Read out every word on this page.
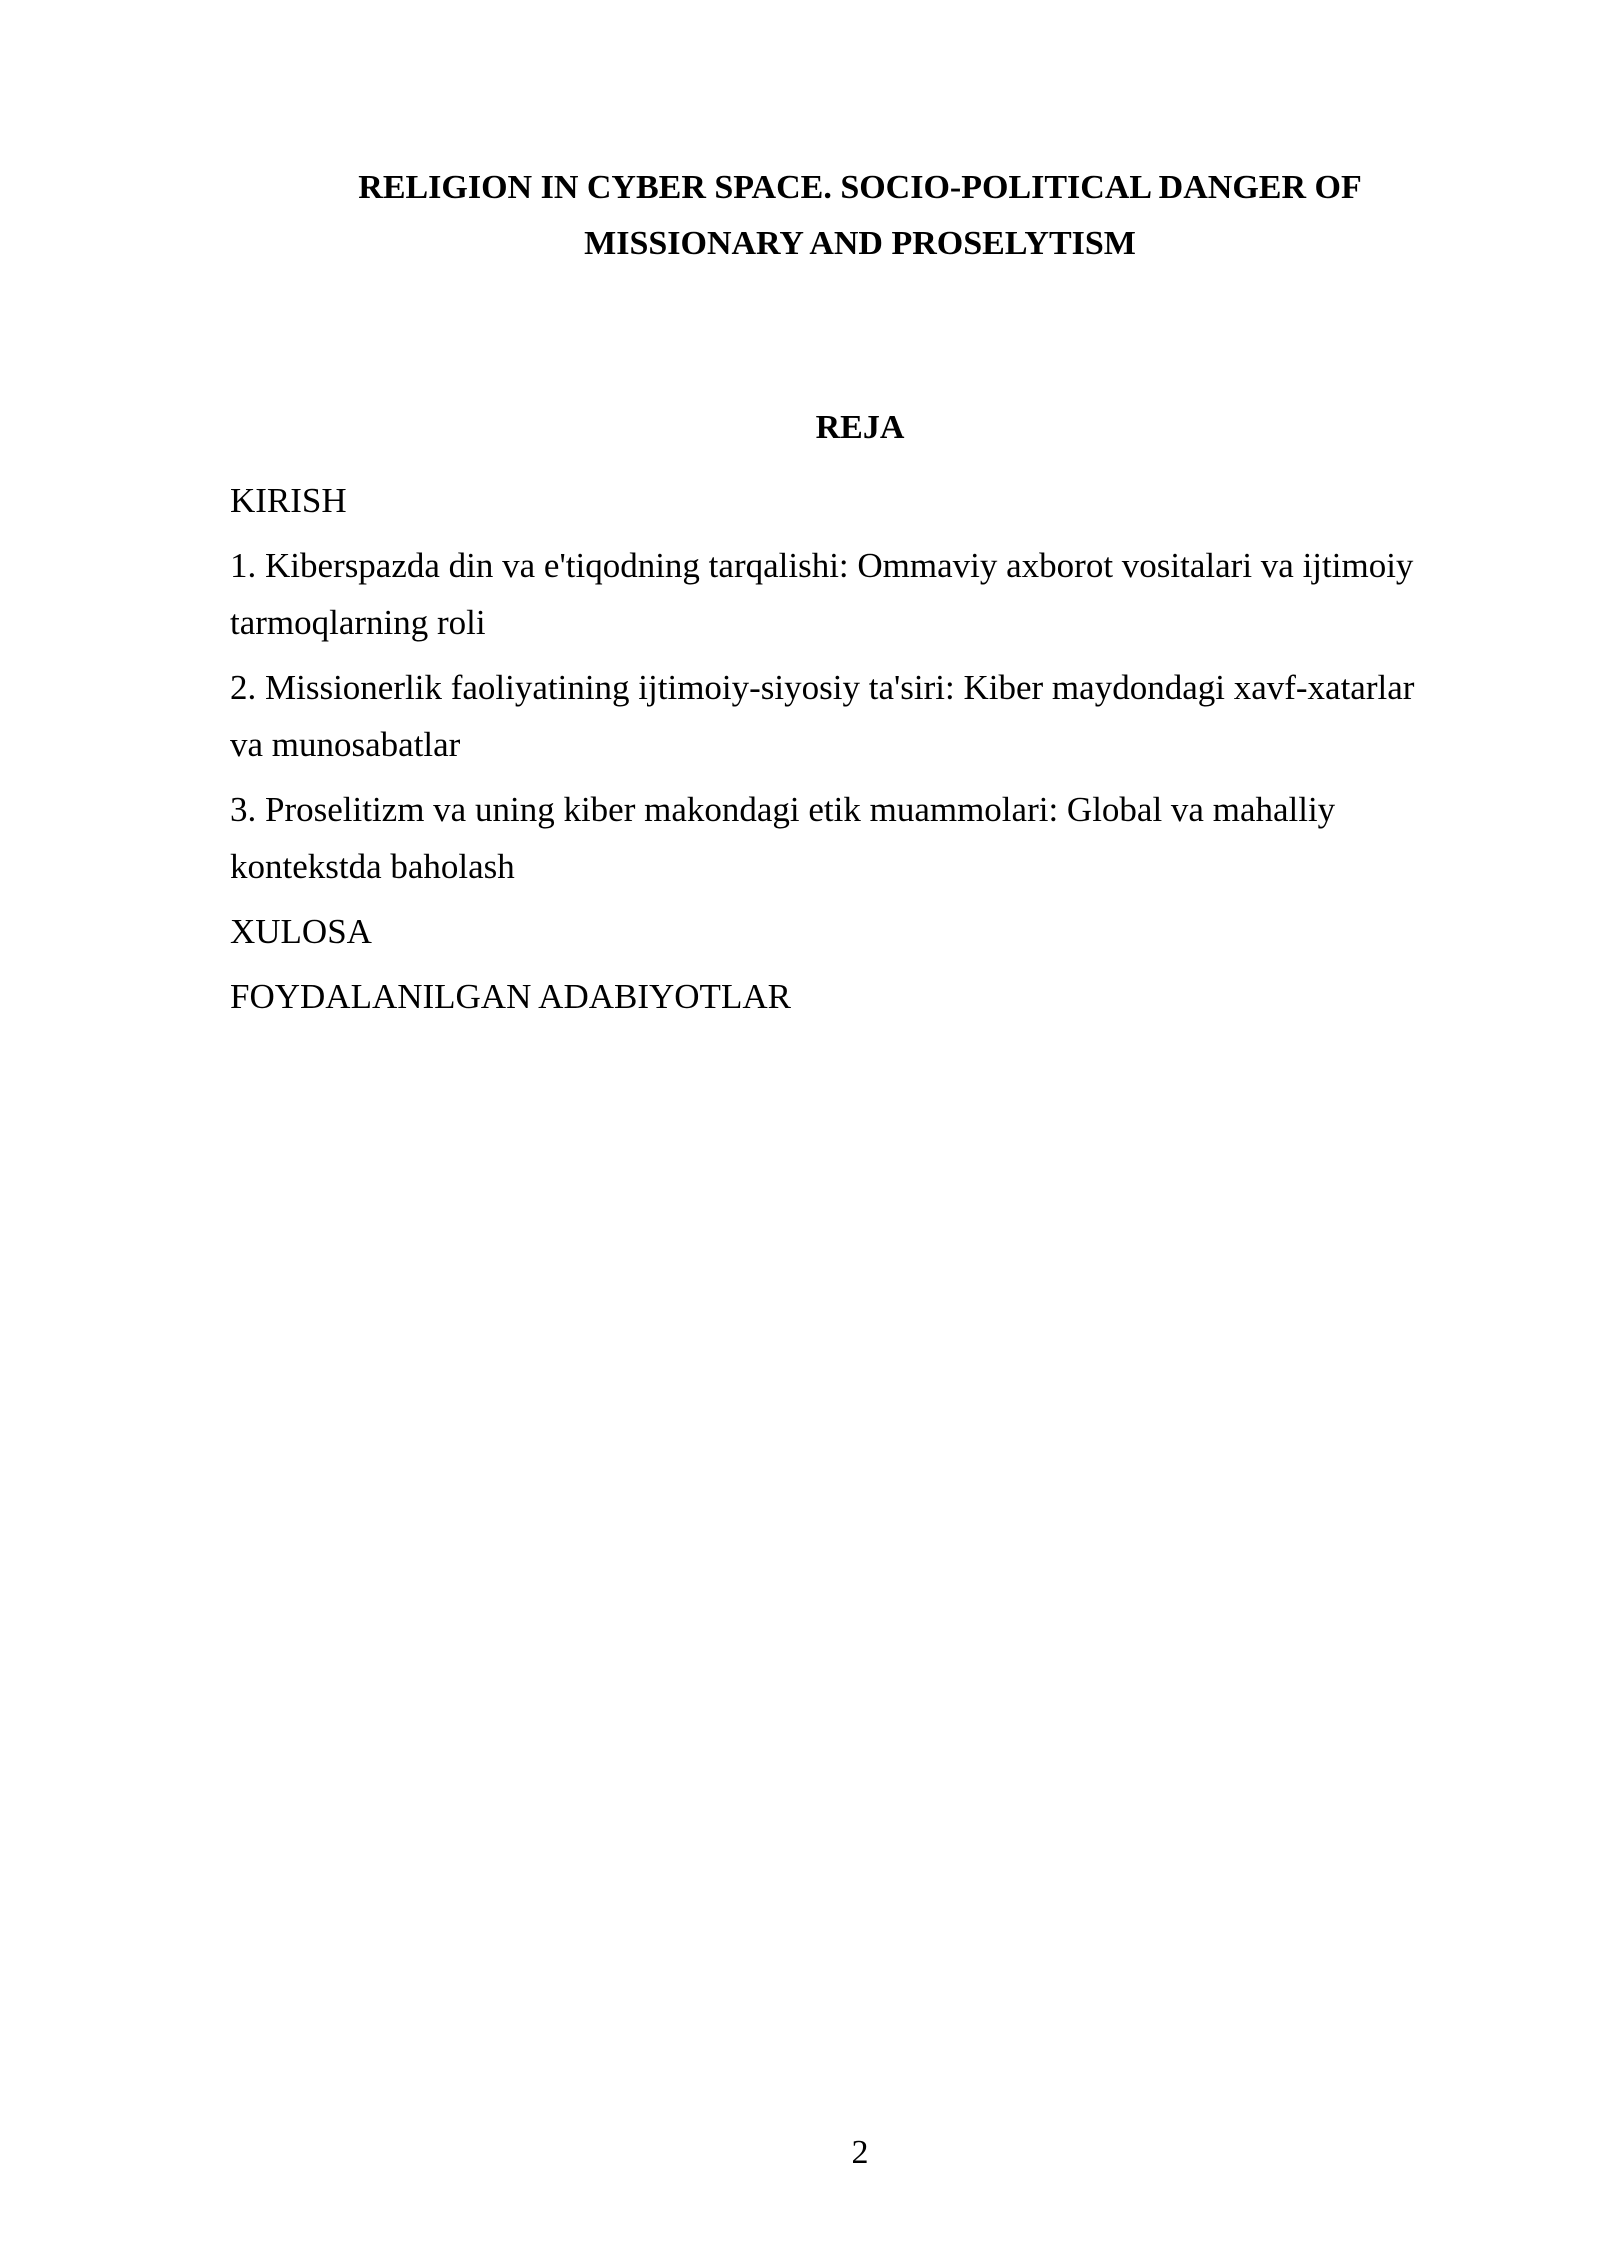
RELIGION IN CYBER SPACE. SOCIO-POLITICAL DANGER OF
MISSIONARY AND PROSELYTISM
REJA
KIRISH
1. Kiberspazda din va e'tiqodning tarqalishi: Ommaviy axborot vositalari va ijtimoiy tarmoqlarning roli
2. Missionerlik faoliyatining ijtimoiy-siyosiy ta'siri: Kiber maydondagi xavf-xatarlar va munosabatlar
3. Proselitizm va uning kiber makondagi etik muammolari: Global va mahalliy kontekstda baholash
XULOSA
FOYDALANILGAN ADABIYOTLAR
2
